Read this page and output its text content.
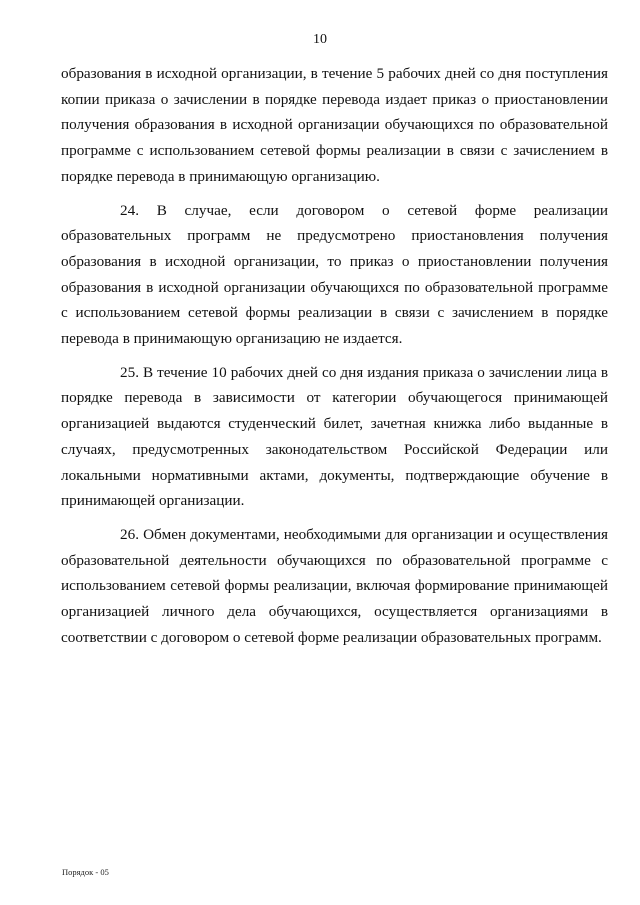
10

образования в исходной организации, в течение 5 рабочих дней со дня поступления копии приказа о зачислении в порядке перевода издает приказ о приостановлении получения образования в исходной организации обучающихся по образовательной программе с использованием сетевой формы реализации в связи с зачислением в порядке перевода в принимающую организацию.

24. В случае, если договором о сетевой форме реализации образовательных программ не предусмотрено приостановления получения образования в исходной организации, то приказ о приостановлении получения образования в исходной организации обучающихся по образовательной программе с использованием сетевой формы реализации в связи с зачислением в порядке перевода в принимающую организацию не издается.

25. В течение 10 рабочих дней со дня издания приказа о зачислении лица в порядке перевода в зависимости от категории обучающегося принимающей организацией выдаются студенческий билет, зачетная книжка либо выданные в случаях, предусмотренных законодательством Российской Федерации или локальными нормативными актами, документы, подтверждающие обучение в принимающей организации.

26. Обмен документами, необходимыми для организации и осуществления образовательной деятельности обучающихся по образовательной программе с использованием сетевой формы реализации, включая формирование принимающей организацией личного дела обучающихся, осуществляется организациями в соответствии с договором о сетевой форме реализации образовательных программ.

Порядок - 05
